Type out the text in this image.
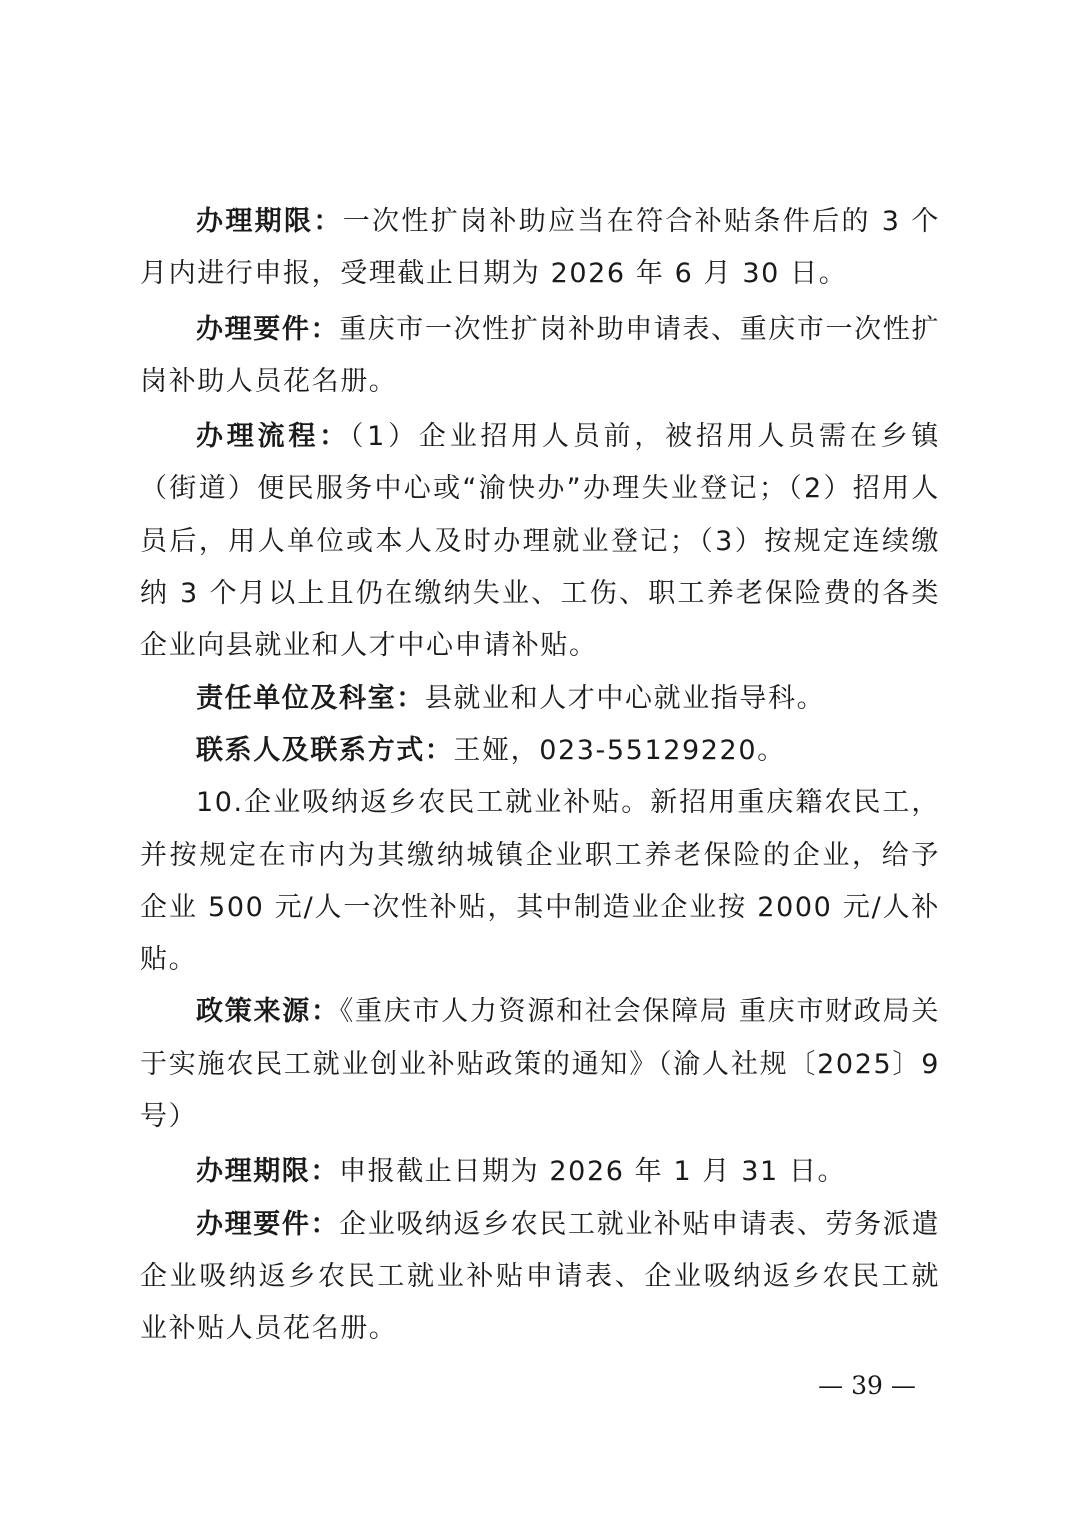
办理期限：一次性扩岗补助应当在符合补贴条件后的 3 个月内进行申报，受理截止日期为 2026 年 6 月 30 日。

办理要件：重庆市一次性扩岗补助申请表、重庆市一次性扩岗补助人员花名册。

办理流程：（1）企业招用人员前，被招用人员需在乡镇（街道）便民服务中心或“渝快办”办理失业登记；（2）招用人员后，用人单位或本人及时办理就业登记；（3）按规定连续缴纳 3 个月以上且仍在缴纳失业、工伤、职工养老保险费的各类企业向县就业和人才中心申请补贴。

责任单位及科室：县就业和人才中心就业指导科。

联系人及联系方式：王娅，023-55129220。

10.企业吸纳返乡农民工就业补贴。新招用重庆籍农民工，并按规定在市内为其缴纳城镇企业职工养老保险的企业，给予企业 500 元/人一次性补贴，其中制造业企业按 2000 元/人补贴。

政策来源：《重庆市人力资源和社会保障局 重庆市财政局关于实施农民工就业创业补贴政策的通知》（渝人社规〔2025〕9 号）

办理期限：申报截止日期为 2026 年 1 月 31 日。

办理要件：企业吸纳返乡农民工就业补贴申请表、劳务派遣企业吸纳返乡农民工就业补贴申请表、企业吸纳返乡农民工就业补贴人员花名册。

— 39 —
